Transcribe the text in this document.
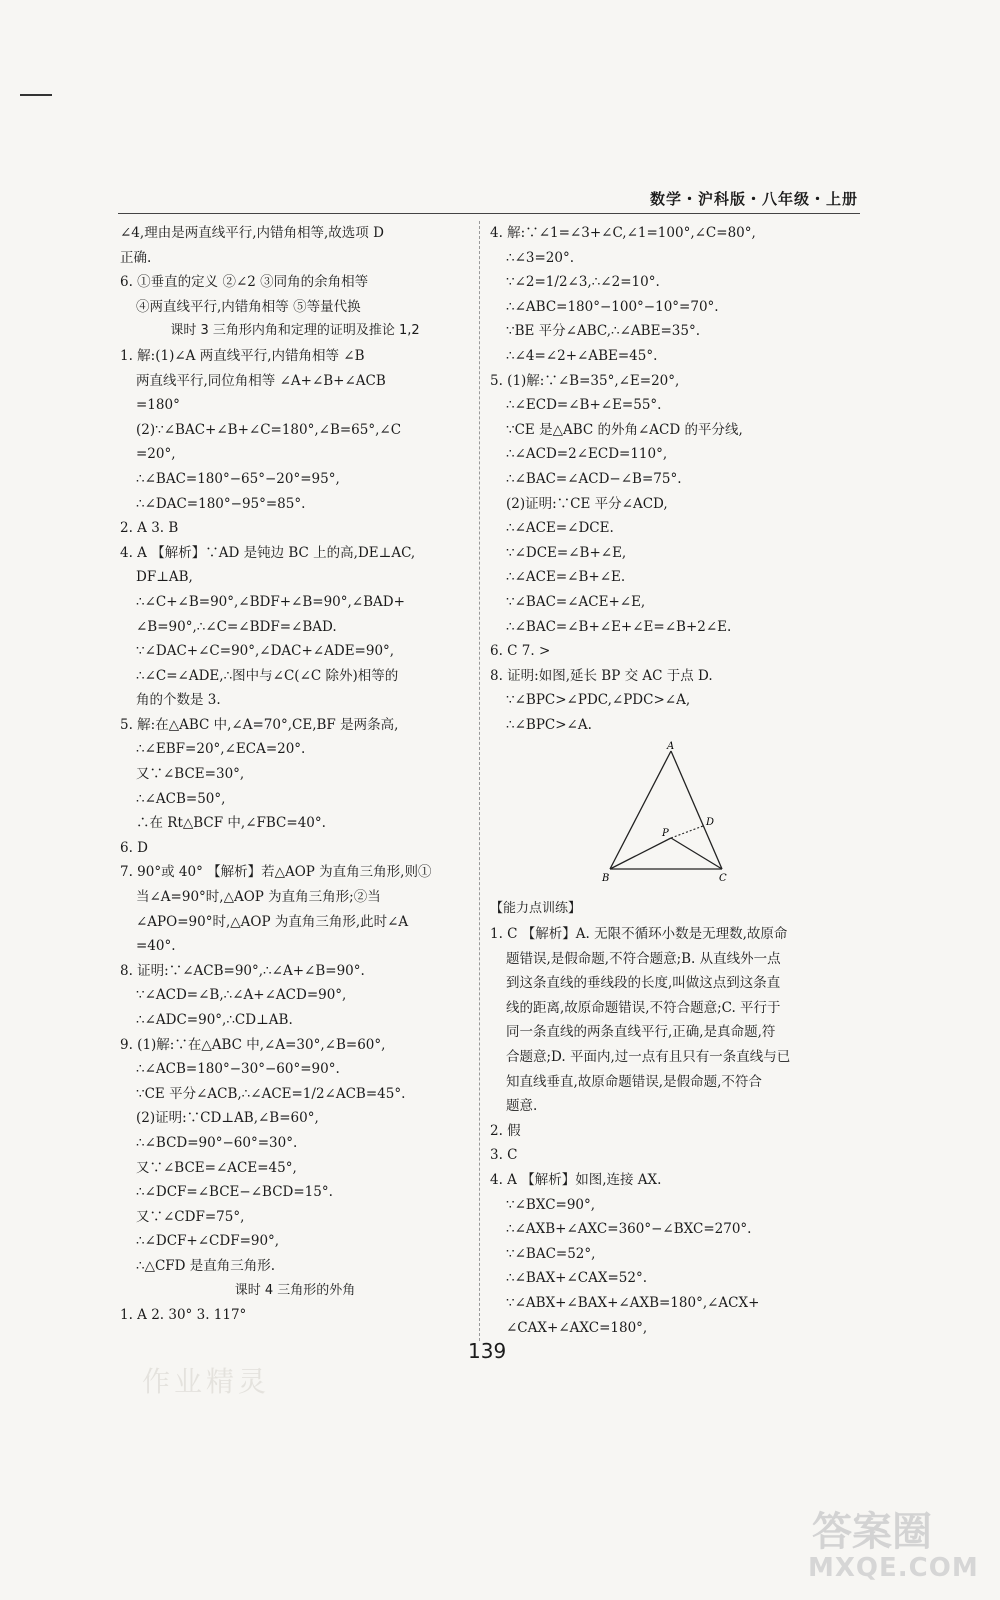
数学・沪科版・八年级・上册
∠4,理由是两直线平行,内错角相等,故选项 D
正确.
6. ①垂直的定义 ②∠2 ③同角的余角相等
④两直线平行,内错角相等 ⑤等量代换
课时 3 三角形内角和定理的证明及推论 1,2
1. 解:(1)∠A 两直线平行,内错角相等 ∠B
两直线平行,同位角相等 ∠A+∠B+∠ACB
=180°
(2)∵∠BAC+∠B+∠C=180°,∠B=65°,∠C
=20°,
∴∠BAC=180°−65°−20°=95°,
∴∠DAC=180°−95°=85°.
2. A 3. B
4. A 【解析】∵AD 是钝边 BC 上的高,DE⊥AC,
DF⊥AB,
∴∠C+∠B=90°,∠BDF+∠B=90°,∠BAD+
∠B=90°,∴∠C=∠BDF=∠BAD.
∵∠DAC+∠C=90°,∠DAC+∠ADE=90°,
∴∠C=∠ADE,∴图中与∠C(∠C 除外)相等的
角的个数是 3.
5. 解:在△ABC 中,∠A=70°,CE,BF 是两条高,
∴∠EBF=20°,∠ECA=20°.
又∵∠BCE=30°,
∴∠ACB=50°,
∴在 Rt△BCF 中,∠FBC=40°.
6. D
7. 90°或 40° 【解析】若△AOP 为直角三角形,则①
当∠A=90°时,△AOP 为直角三角形;②当
∠APO=90°时,△AOP 为直角三角形,此时∠A
=40°.
8. 证明:∵∠ACB=90°,∴∠A+∠B=90°.
∵∠ACD=∠B,∴∠A+∠ACD=90°,
∴∠ADC=90°,∴CD⊥AB.
9. (1)解:∵在△ABC 中,∠A=30°,∠B=60°,
∴∠ACB=180°−30°−60°=90°.
∵CE 平分∠ACB,∴∠ACE=1/2∠ACB=45°.
(2)证明:∵CD⊥AB,∠B=60°,
∴∠BCD=90°−60°=30°.
又∵∠BCE=∠ACE=45°,
∴∠DCF=∠BCE−∠BCD=15°.
又∵∠CDF=75°,
∴∠DCF+∠CDF=90°,
∴△CFD 是直角三角形.
课时 4 三角形的外角
1. A 2. 30° 3. 117°
4. 解:∵∠1=∠3+∠C,∠1=100°,∠C=80°,
∴∠3=20°.
∵∠2=1/2∠3,∴∠2=10°.
∴∠ABC=180°−100°−10°=70°.
∵BE 平分∠ABC,∴∠ABE=35°.
∴∠4=∠2+∠ABE=45°.
5. (1)解:∵∠B=35°,∠E=20°,
∴∠ECD=∠B+∠E=55°.
∵CE 是△ABC 的外角∠ACD 的平分线,
∴∠ACD=2∠ECD=110°,
∴∠BAC=∠ACD−∠B=75°.
(2)证明:∵CE 平分∠ACD,
∴∠ACE=∠DCE.
∵∠DCE=∠B+∠E,
∴∠ACE=∠B+∠E.
∵∠BAC=∠ACE+∠E,
∴∠BAC=∠B+∠E+∠E=∠B+2∠E.
6. C 7. >
8. 证明:如图,延长 BP 交 AC 于点 D.
∵∠BPC>∠PDC,∠PDC>∠A,
∴∠BPC>∠A.
A
B	C
D
P
【能力点训练】
1. C 【解析】A. 无限不循环小数是无理数,故原命
题错误,是假命题,不符合题意;B. 从直线外一点
到这条直线的垂线段的长度,叫做这点到这条直
线的距离,故原命题错误,不符合题意;C. 平行于
同一条直线的两条直线平行,正确,是真命题,符
合题意;D. 平面内,过一点有且只有一条直线与已
知直线垂直,故原命题错误,是假命题,不符合
题意.
2. 假
3. C
4. A 【解析】如图,连接 AX.
∵∠BXC=90°,
∴∠AXB+∠AXC=360°−∠BXC=270°.
∵∠BAC=52°,
∴∠BAX+∠CAX=52°.
∵∠ABX+∠BAX+∠AXB=180°,∠ACX+
∠CAX+∠AXC=180°,
139
作业精灵
答案圈
MXQE.COM
